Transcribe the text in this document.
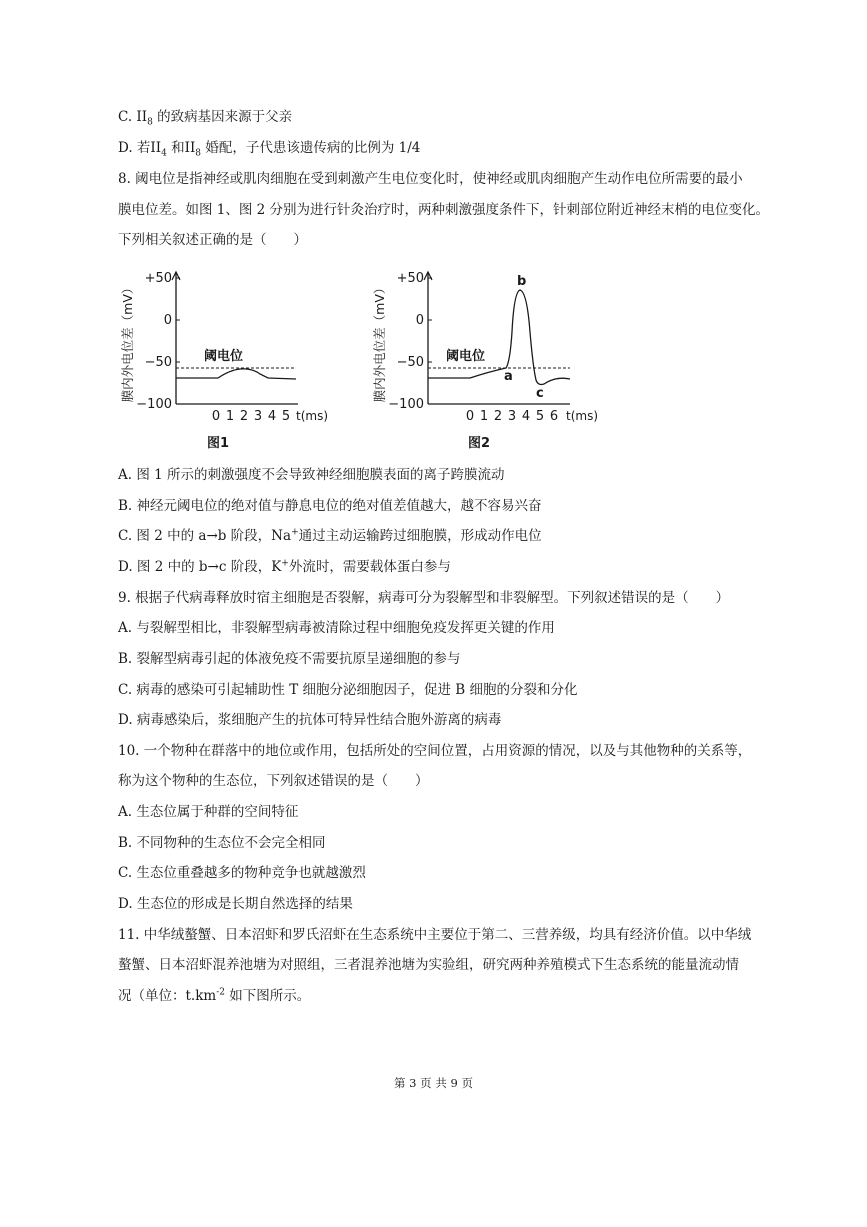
C. $II_8$ 的致病基因来源于父亲
D. 若$II_4$ 和$II_8$ 婚配，子代患该遗传病的比例为 1/4
8. 阈电位是指神经或肌肉细胞在受到刺激产生电位变化时，使神经或肌肉细胞产生动作电位所需要的最小
膜电位差。如图 1、图 2 分别为进行针灸治疗时，两种刺激强度条件下，针刺部位附近神经末梢的电位变化。
下列相关叙述正确的是（　　）
膜内外电位差（mV）
+50
0
−50
−100
阈电位
0 1 2 3 4 5 t(ms)
图1
膜内外电位差（mV）
+50
0
−50
−100
阈电位
a
b
c
0 1 2 3 4 5 6 t(ms)
图2
A. 图 1 所示的刺激强度不会导致神经细胞膜表面的离子跨膜流动
B. 神经元阈电位的绝对值与静息电位的绝对值差值越大，越不容易兴奋
C. 图 2 中的 a→b 阶段，Na+通过主动运输跨过细胞膜，形成动作电位
D. 图 2 中的 b→c 阶段，K+外流时，需要载体蛋白参与
9. 根据子代病毒释放时宿主细胞是否裂解，病毒可分为裂解型和非裂解型。下列叙述错误的是（　　）
A. 与裂解型相比，非裂解型病毒被清除过程中细胞免疫发挥更关键的作用
B. 裂解型病毒引起的体液免疫不需要抗原呈递细胞的参与
C. 病毒的感染可引起辅助性 T 细胞分泌细胞因子，促进 B 细胞的分裂和分化
D. 病毒感染后，浆细胞产生的抗体可特异性结合胞外游离的病毒
10. 一个物种在群落中的地位或作用，包括所处的空间位置，占用资源的情况，以及与其他物种的关系等，
称为这个物种的生态位，下列叙述错误的是（　　）
A. 生态位属于种群的空间特征
B. 不同物种的生态位不会完全相同
C. 生态位重叠越多的物种竞争也就越激烈
D. 生态位的形成是长期自然选择的结果
11. 中华绒螯蟹、日本沼虾和罗氏沼虾在生态系统中主要位于第二、三营养级，均具有经济价值。以中华绒
螯蟹、日本沼虾混养池塘为对照组，三者混养池塘为实验组，研究两种养殖模式下生态系统的能量流动情
况（单位：$t.km^{-2}$ 如下图所示。
第 3 页 共 9 页
